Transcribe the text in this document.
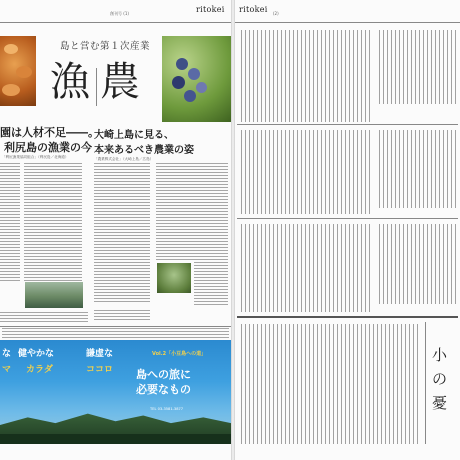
創刊号 (1)	ritokei
島と営む第１次産業
漁 農
園は人材不足――。
利尻島の漁業の今
「利尻漁業協同組合」（利尻島／北海道）
大崎上島に見る、
本来あるべき農業の姿
「農業株式会社」（大崎上島／広島）
な
マ
健やかな
カラダ
謙虚な
ココロ
Vol.2「小豆島への道」
島への旅に
必要なもの
TEL 03-3581-3877
ritokei (2)
小
の
憂
